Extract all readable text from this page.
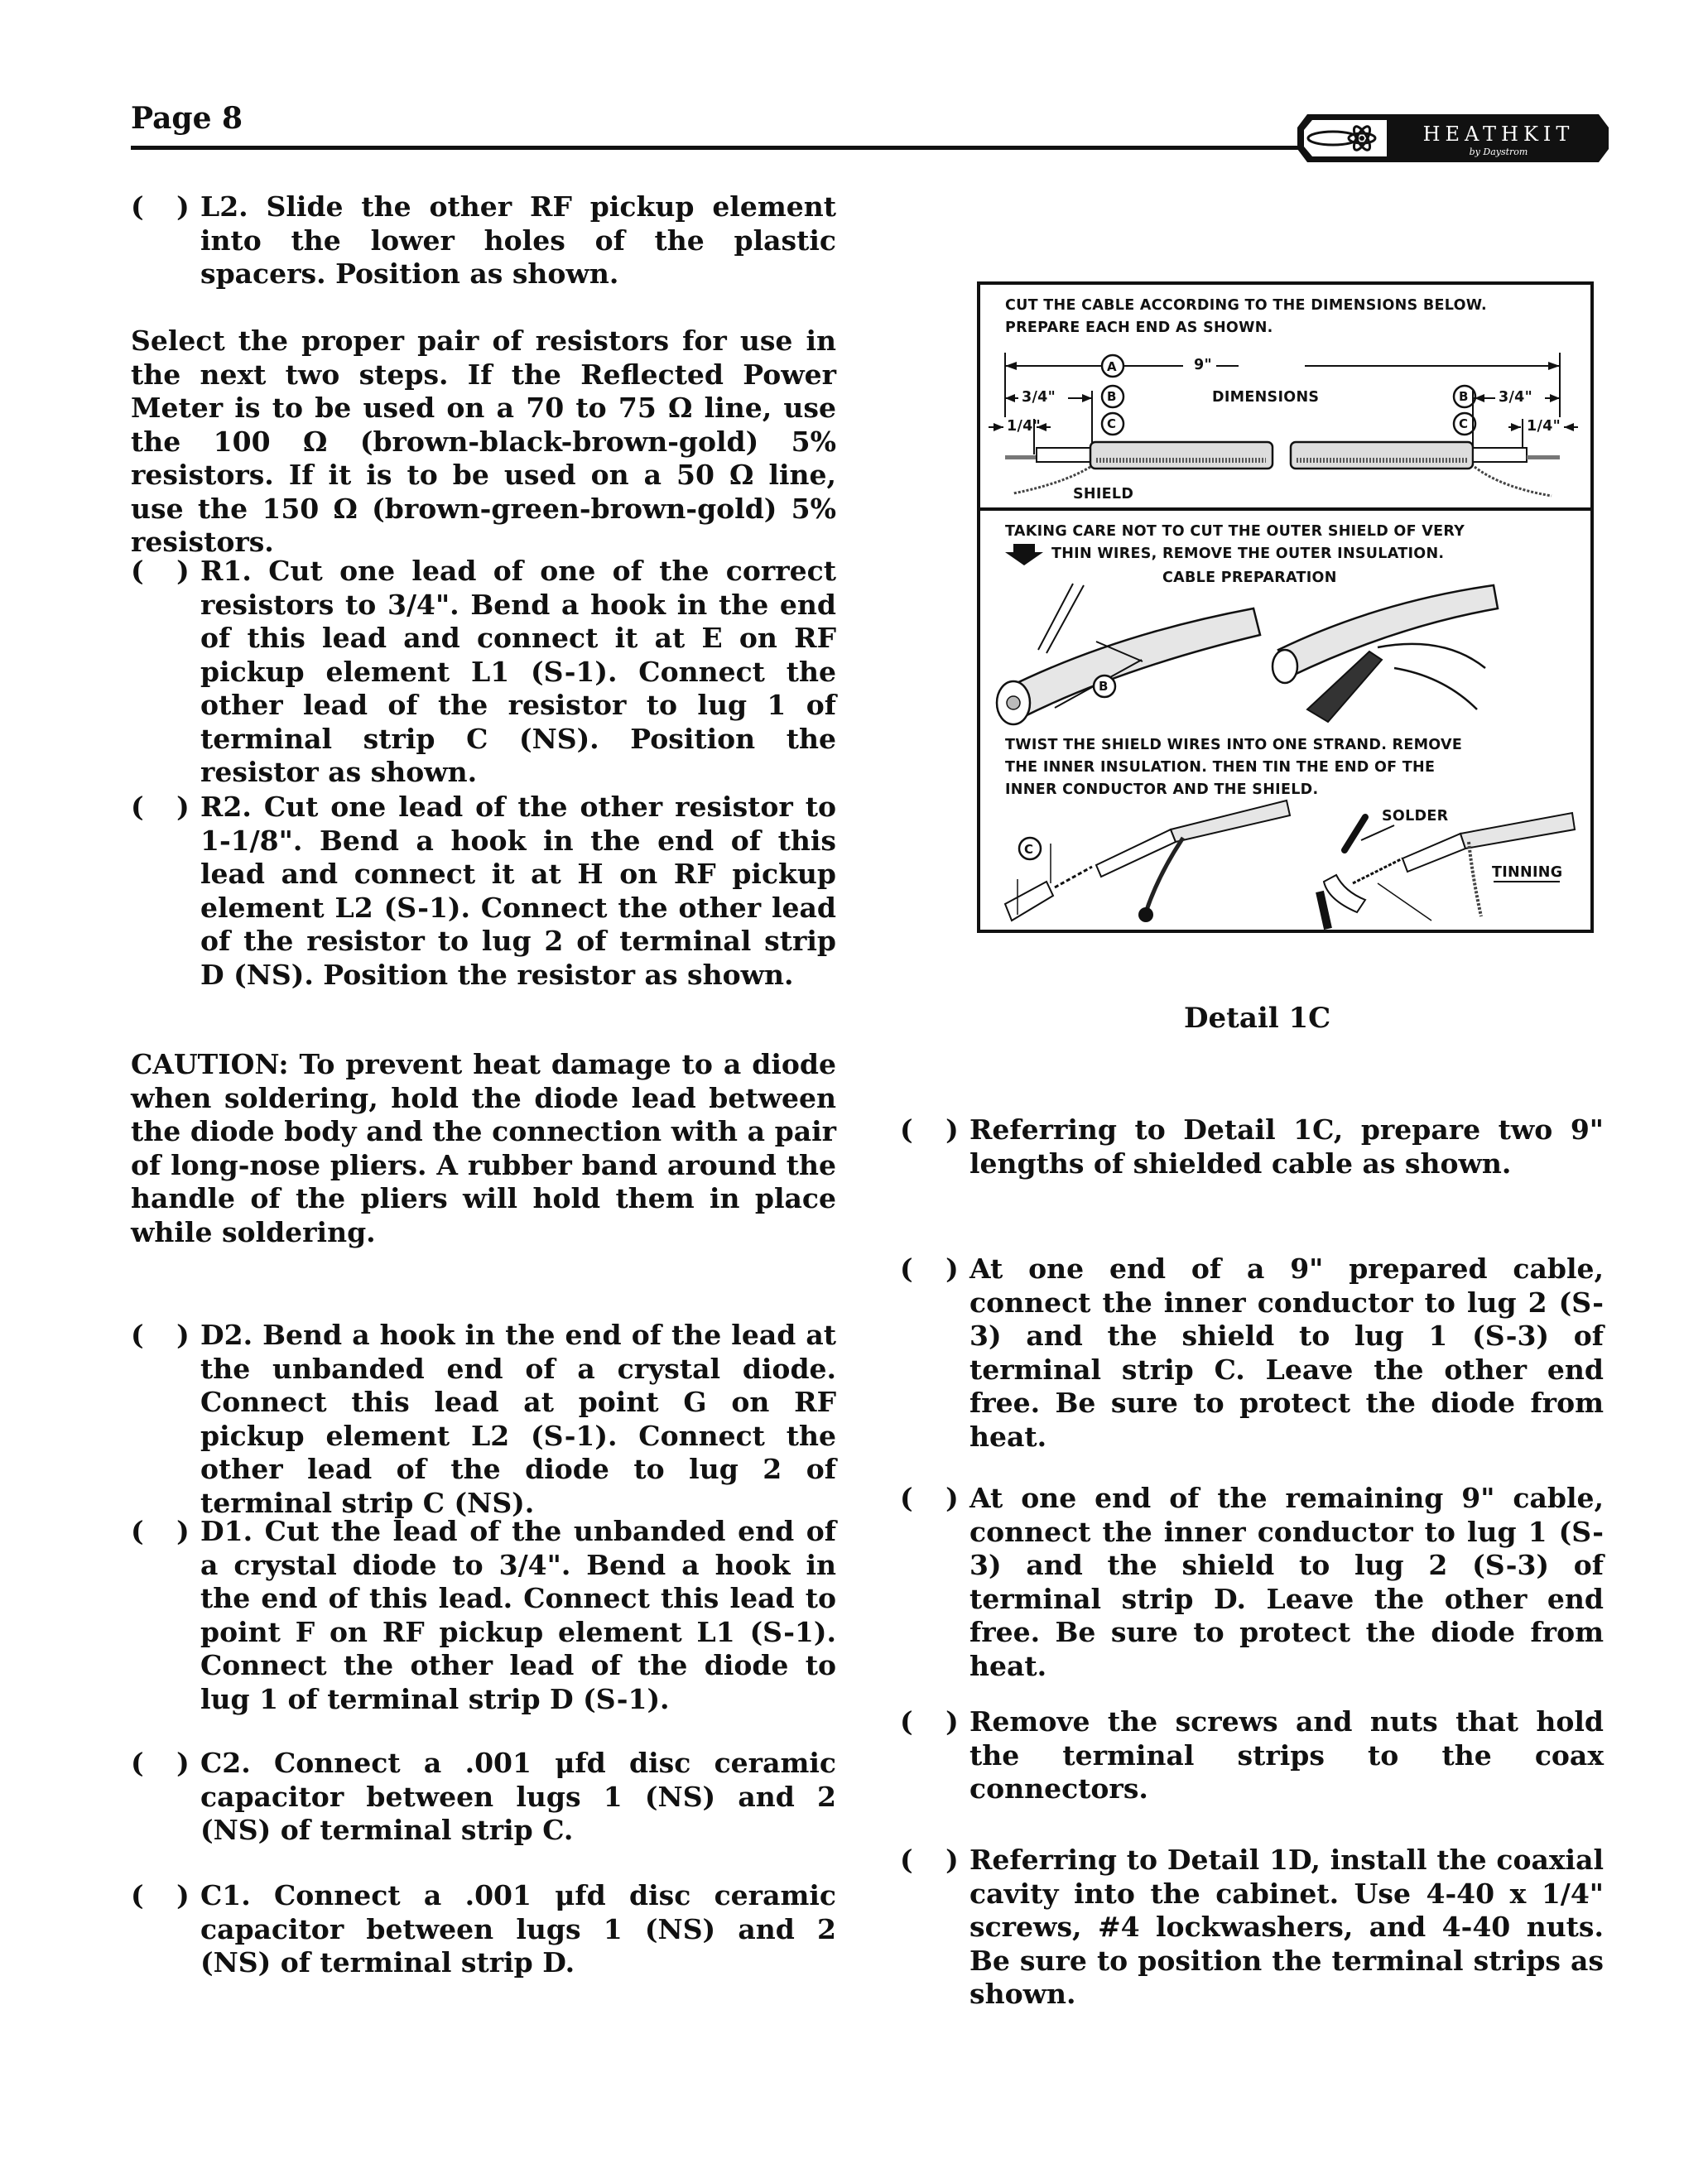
Page 8	HEATHKIT
by Daystrom
( ) L2. Slide the other RF pickup element into the lower holes of the plastic spacers. Position as shown.
Select the proper pair of resistors for use in the next two steps. If the Reflected Power Meter is to be used on a 70 to 75 Ω line, use the 100 Ω (brown-black-brown-gold) 5% resistors. If it is to be used on a 50 Ω line, use the 150 Ω (brown-green-brown-gold) 5% resistors.
( ) R1. Cut one lead of one of the correct resistors to 3/4". Bend a hook in the end of this lead and connect it at E on RF pickup element L1 (S-1). Connect the other lead of the resistor to lug 1 of terminal strip C (NS). Position the resistor as shown.
( ) R2. Cut one lead of the other resistor to 1-1/8". Bend a hook in the end of this lead and connect it at H on RF pickup element L2 (S-1). Connect the other lead of the resistor to lug 2 of terminal strip D (NS). Position the resistor as shown.
CAUTION: To prevent heat damage to a diode when soldering, hold the diode lead between the diode body and the connection with a pair of long-nose pliers. A rubber band around the handle of the pliers will hold them in place while soldering.
( ) D2. Bend a hook in the end of the lead at the unbanded end of a crystal diode. Connect this lead at point G on RF pickup element L2 (S-1). Connect the other lead of the diode to lug 2 of terminal strip C (NS).
( ) D1. Cut the lead of the unbanded end of a crystal diode to 3/4". Bend a hook in the end of this lead. Connect this lead to point F on RF pickup element L1 (S-1). Connect the other lead of the diode to lug 1 of terminal strip D (S-1).
( ) C2. Connect a .001 μfd disc ceramic capacitor between lugs 1 (NS) and 2 (NS) of terminal strip C.
( ) C1. Connect a .001 μfd disc ceramic capacitor between lugs 1 (NS) and 2 (NS) of terminal strip D.
CUT THE CABLE ACCORDING TO THE DIMENSIONS BELOW.
PREPARE EACH END AS SHOWN.
A	9"
B
C
B
C
DIMENSIONS
3/4"
1/4"
3/4"
1/4"
SHIELD
TAKING CARE NOT TO CUT THE OUTER SHIELD OF VERY
THIN WIRES, REMOVE THE OUTER INSULATION.
CABLE PREPARATION
B
TWIST THE SHIELD WIRES INTO ONE STRAND. REMOVE
THE INNER INSULATION. THEN TIN THE END OF THE
INNER CONDUCTOR AND THE SHIELD.
C
SOLDER
TINNING
Detail 1C
( ) Referring to Detail 1C, prepare two 9" lengths of shielded cable as shown.
( ) At one end of a 9" prepared cable, connect the inner conductor to lug 2 (S-3) and the shield to lug 1 (S-3) of terminal strip C. Leave the other end free. Be sure to protect the diode from heat.
( ) At one end of the remaining 9" cable, connect the inner conductor to lug 1 (S-3) and the shield to lug 2 (S-3) of terminal strip D. Leave the other end free. Be sure to protect the diode from heat.
( ) Remove the screws and nuts that hold the terminal strips to the coax connectors.
( ) Referring to Detail 1D, install the coaxial cavity into the cabinet. Use 4-40 x 1/4" screws, #4 lockwashers, and 4-40 nuts. Be sure to position the terminal strips as shown.
